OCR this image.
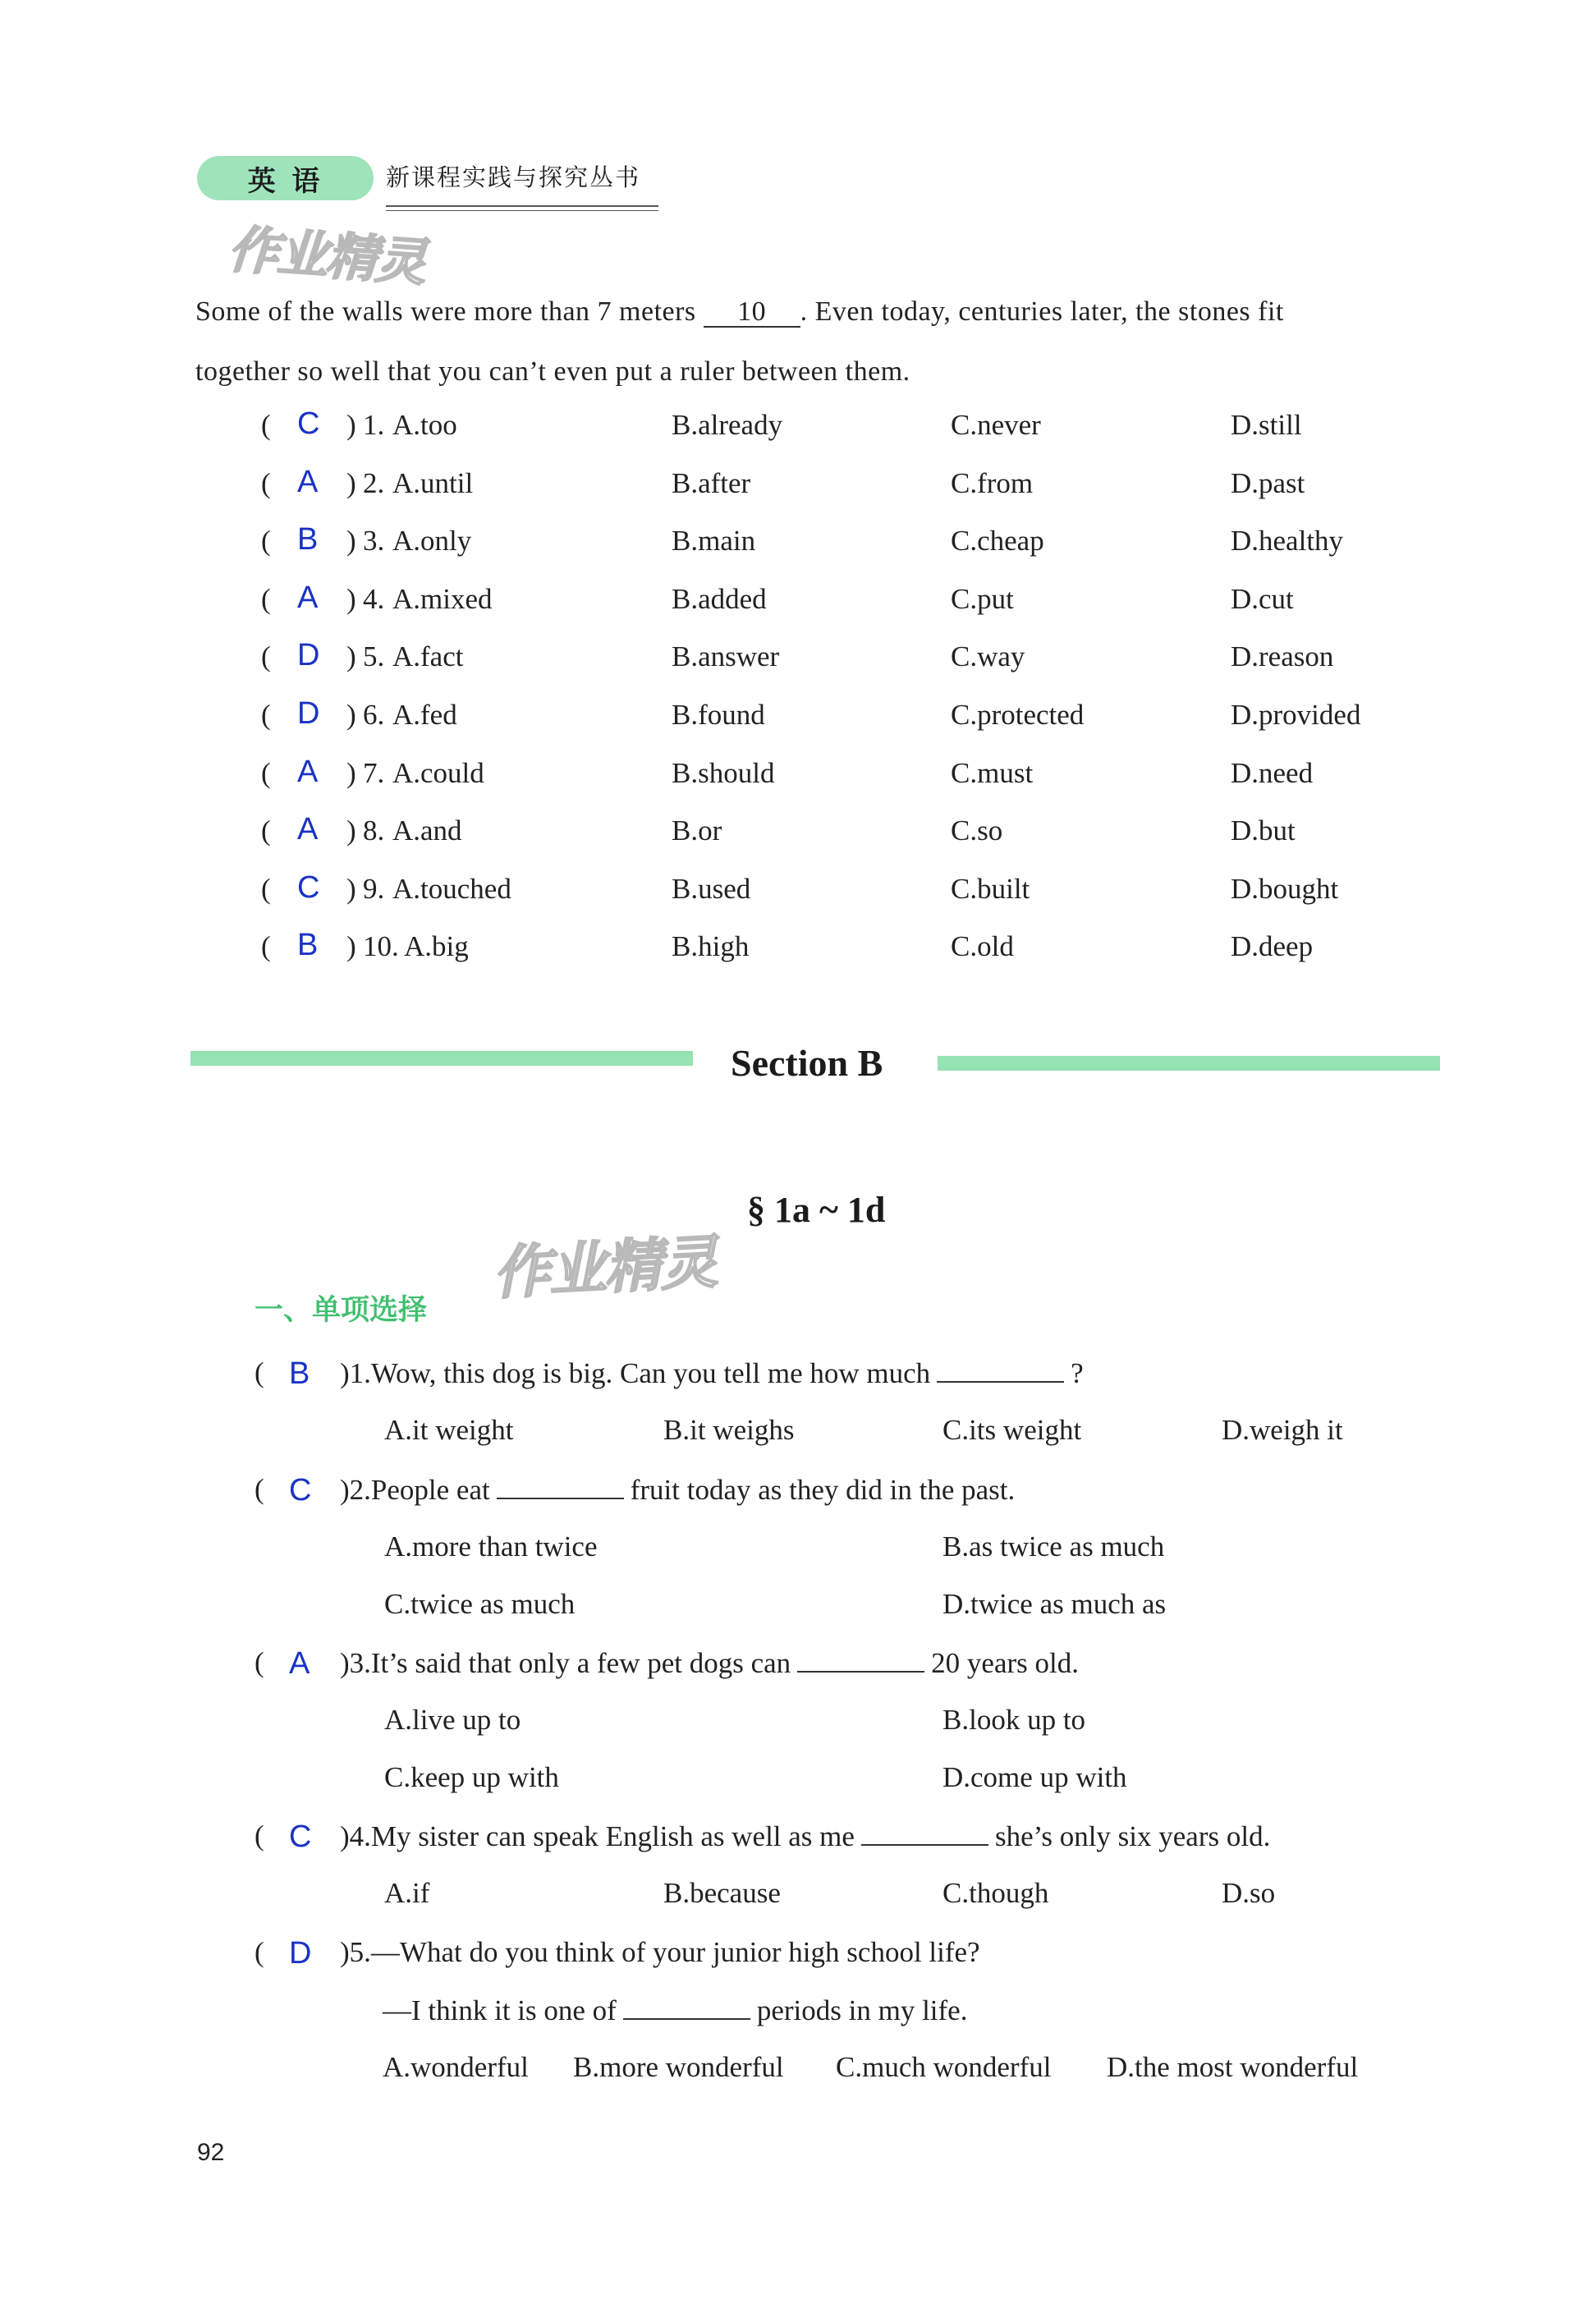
英 语	新课程实践与探究丛书
作业精灵
Some of the walls were more than 7 meters 10 . Even today, centuries later, the stones fit
together so well that you can’t even put a ruler between them.
( C ) 1. A.too	B.already	C.never	D.still
( A ) 2. A.until	B.after	C.from	D.past
( B ) 3. A.only	B.main	C.cheap	D.healthy
( A ) 4. A.mixed	B.added	C.put	D.cut
( D ) 5. A.fact	B.answer	C.way	D.reason
( D ) 6. A.fed	B.found	C.protected	D.provided
( A ) 7. A.could	B.should	C.must	D.need
( A ) 8. A.and	B.or	C.so	D.but
( C ) 9. A.touched	B.used	C.built	D.bought
( B ) 10. A.big	B.high	C.old	D.deep
Section B
§ 1a ~ 1d
作业精灵
一、单项选择
( B )1.Wow, this dog is big. Can you tell me how much	?
A.it weight	B.it weighs	C.its weight	D.weigh it
( C )2.People eat	fruit today as they did in the past.
A.more than twice	B.as twice as much
C.twice as much	D.twice as much as
( A )3.It’s said that only a few pet dogs can	20 years old.
A.live up to	B.look up to
C.keep up with	D.come up with
( C )4.My sister can speak English as well as me	she’s only six years old.
A.if	B.because	C.though	D.so
( D )5.—What do you think of your junior high school life?
—I think it is one of	periods in my life.
A.wonderful B.more wonderful C.much wonderful D.the most wonderful
92
